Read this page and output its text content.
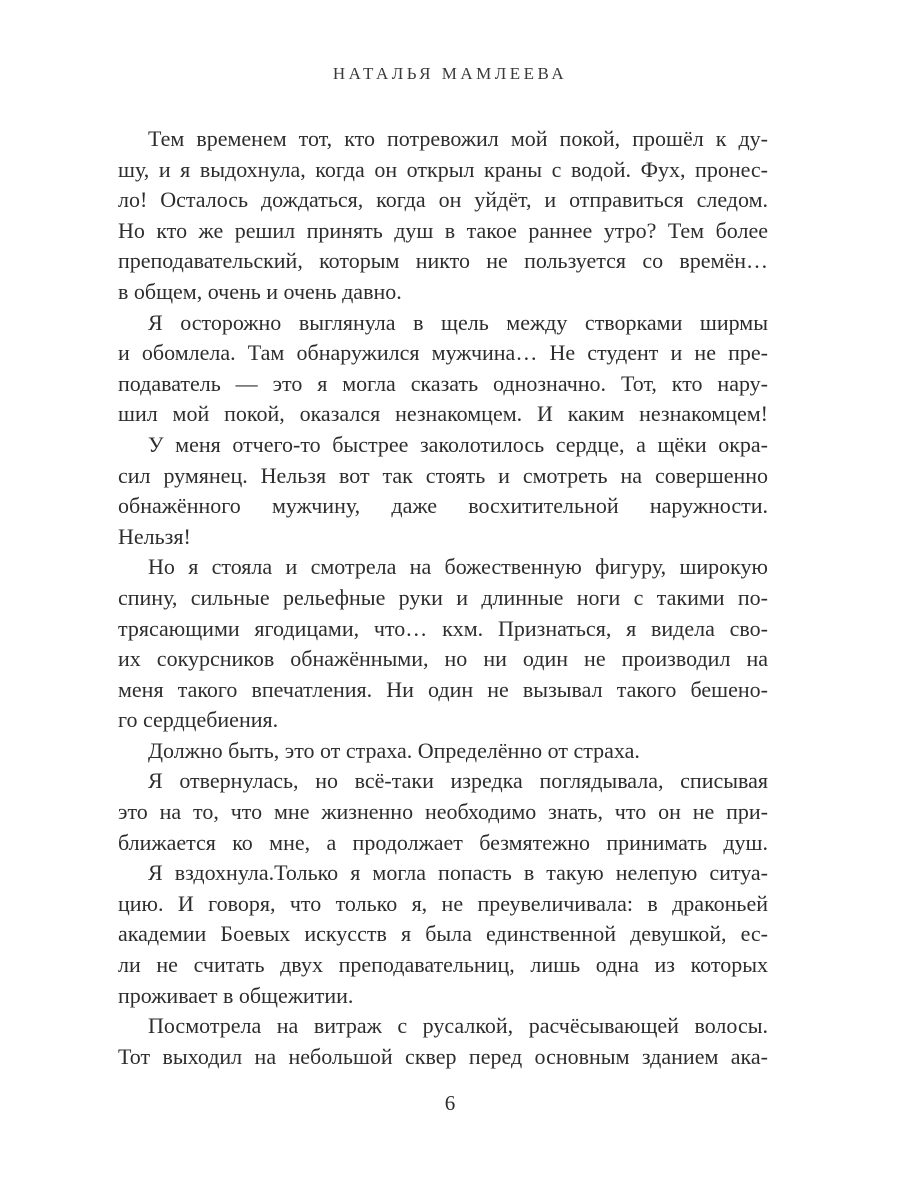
НАТАЛЬЯ МАМЛЕЕВА
Тем временем тот, кто потревожил мой покой, прошёл к ду-
шу, и я выдохнула, когда он открыл краны с водой. Фух, пронес-
ло! Осталось дождаться, когда он уйдёт, и отправиться следом.
Но кто же решил принять душ в такое раннее утро? Тем более
преподавательский, которым никто не пользуется со времён…
в общем, очень и очень давно.
Я осторожно выглянула в щель между створками ширмы
и обомлела. Там обнаружился мужчина… Не студент и не пре-
подаватель — это я могла сказать однозначно. Тот, кто нару-
шил мой покой, оказался незнакомцем. И каким незнакомцем!
У меня отчего-то быстрее заколотилось сердце, а щёки окра-
сил румянец. Нельзя вот так стоять и смотреть на совершенно
обнажённого мужчину, даже восхитительной наружности.
Нельзя!
Но я стояла и смотрела на божественную фигуру, широкую
спину, сильные рельефные руки и длинные ноги с такими по-
трясающими ягодицами, что… кхм. Признаться, я видела сво-
их сокурсников обнажёнными, но ни один не производил на
меня такого впечатления. Ни один не вызывал такого бешено-
го сердцебиения.
Должно быть, это от страха. Определённо от страха.
Я отвернулась, но всё-таки изредка поглядывала, списывая
это на то, что мне жизненно необходимо знать, что он не при-
ближается ко мне, а продолжает безмятежно принимать душ.
Я вздохнула.Только я могла попасть в такую нелепую ситуа-
цию. И говоря, что только я, не преувеличивала: в драконьей
академии Боевых искусств я была единственной девушкой, ес-
ли не считать двух преподавательниц, лишь одна из которых
проживает в общежитии.
Посмотрела на витраж с русалкой, расчёсывающей волосы.
Тот выходил на небольшой сквер перед основным зданием ака-
6
